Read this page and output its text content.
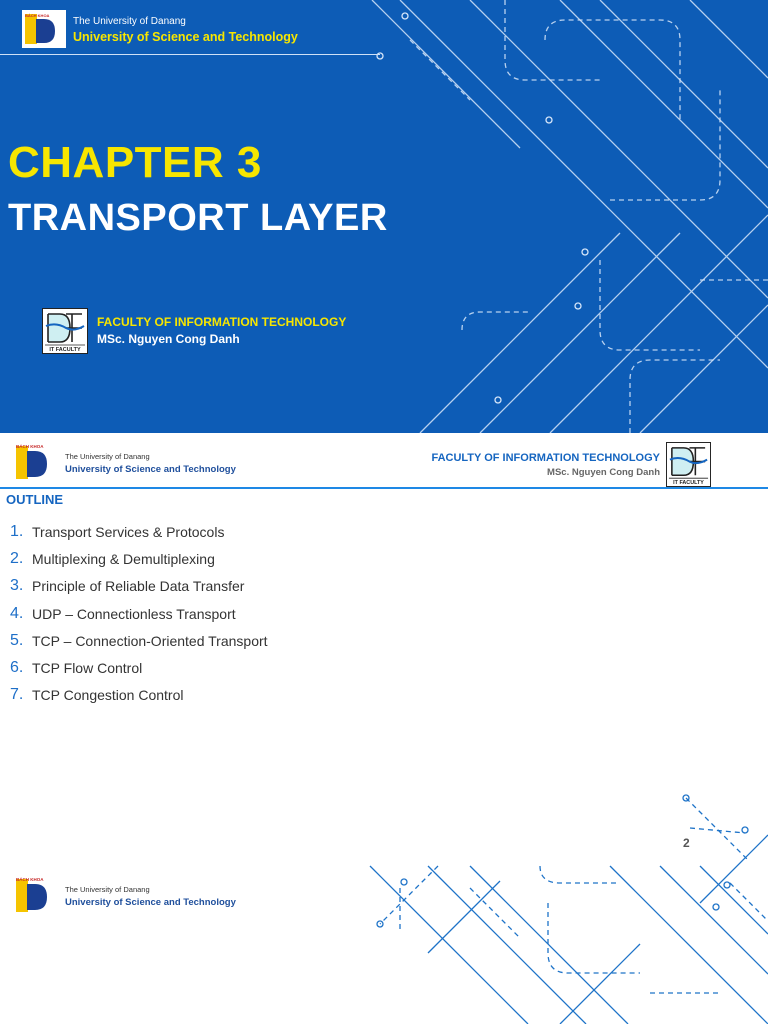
BÁCH KHOA
The University of Danang
University of Science and Technology
CHAPTER 3
TRANSPORT LAYER
IT FACULTY
FACULTY OF INFORMATION TECHNOLOGY
MSc. Nguyen Cong Danh
BÁCH KHOA
The University of Danang
University of Science and Technology
FACULTY OF INFORMATION TECHNOLOGY
MSc. Nguyen Cong Danh
IT FACULTY
OUTLINE
1. Transport Services & Protocols
2. Multiplexing & Demultiplexing
3. Principle of Reliable Data Transfer
4. UDP – Connectionless Transport
5. TCP – Connection-Oriented Transport
6. TCP Flow Control
7. TCP Congestion Control
2
BÁCH KHOA
The University of Danang
University of Science and Technology
